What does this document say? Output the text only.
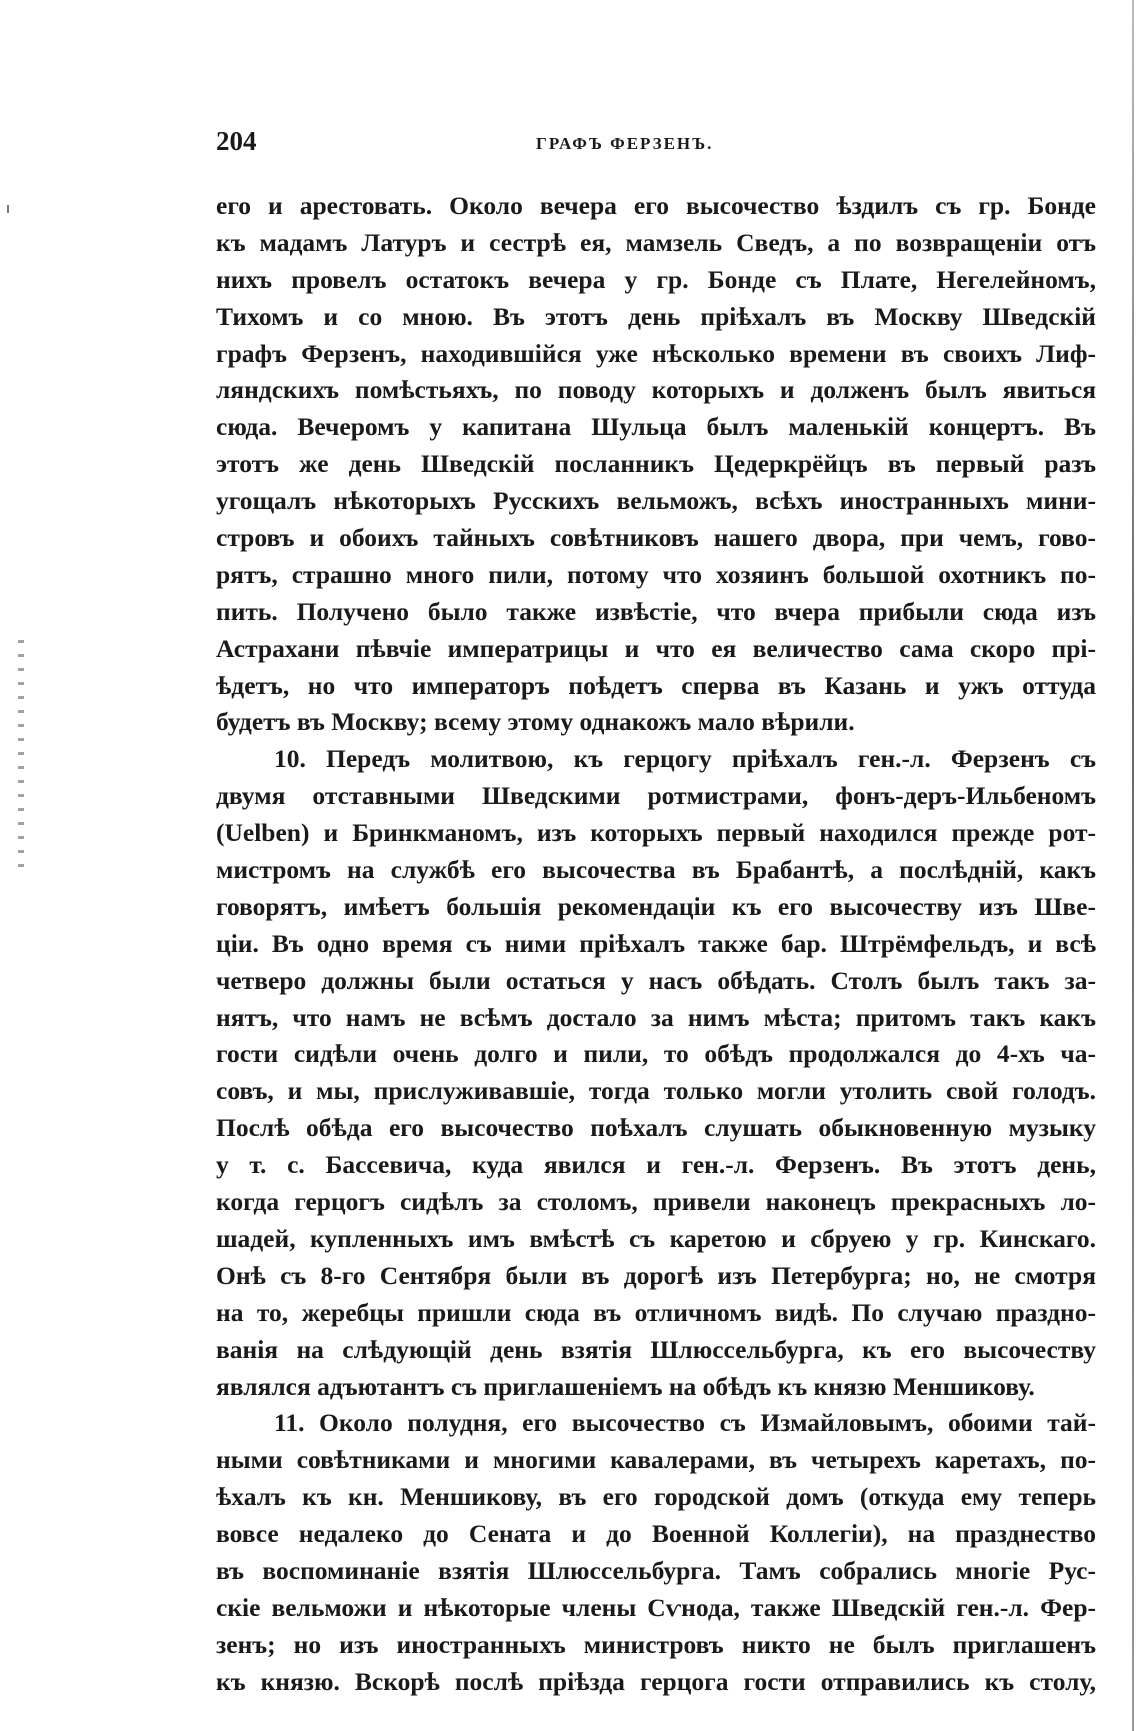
204	ГРАФЪ ФЕРЗЕНЪ.
его и арестовать. Около вечера его высочество ѣздилъ съ гр. Бонде
къ мадамъ Латуръ и сестрѣ ея, мамзель Сведъ, а по возвращеніи отъ
нихъ провелъ остатокъ вечера у гр. Бонде съ Плате, Негелейномъ,
Тихомъ и со мною. Въ этотъ день пріѣхалъ въ Москву Шведскій
графъ Ферзенъ, находившійся уже нѣсколько времени въ своихъ Лиф-
ляндскихъ помѣстьяхъ, по поводу которыхъ и долженъ былъ явиться
сюда. Вечеромъ у капитана Шульца былъ маленькій концертъ. Въ
этотъ же день Шведскій посланникъ Цедеркрёйцъ въ первый разъ
угощалъ нѣкоторыхъ Русскихъ вельможъ, всѣхъ иностранныхъ мини-
стровъ и обоихъ тайныхъ совѣтниковъ нашего двора, при чемъ, гово-
рятъ, страшно много пили, потому что хозяинъ большой охотникъ по-
пить. Получено было также извѣстіе, что вчера прибыли сюда изъ
Астрахани пѣвчіе императрицы и что ея величество сама скоро прі-
ѣдетъ, но что императоръ поѣдетъ сперва въ Казань и ужъ оттуда
будетъ въ Москву; всему этому однакожъ мало вѣрили.
10. Передъ молитвою, къ герцогу пріѣхалъ ген.-л. Ферзенъ съ
двумя отставными Шведскими ротмистрами, фонъ-деръ-Ильбеномъ
(Uelben) и Бринкманомъ, изъ которыхъ первый находился прежде рот-
мистромъ на службѣ его высочества въ Брабантѣ, а послѣдній, какъ
говорятъ, имѣетъ большія рекомендаціи къ его высочеству изъ Шве-
ціи. Въ одно время съ ними пріѣхалъ также бар. Штрёмфельдъ, и всѣ
четверо должны были остаться у насъ обѣдать. Столъ былъ такъ за-
нятъ, что намъ не всѣмъ достало за нимъ мѣста; притомъ такъ какъ
гости сидѣли очень долго и пили, то обѣдъ продолжался до 4-хъ ча-
совъ, и мы, прислуживавшіе, тогда только могли утолить свой голодъ.
Послѣ обѣда его высочество поѣхалъ слушать обыкновенную музыку
у т. с. Бассевича, куда явился и ген.-л. Ферзенъ. Въ этотъ день,
когда герцогъ сидѣлъ за столомъ, привели наконецъ прекрасныхъ ло-
шадей, купленныхъ имъ вмѣстѣ съ каретою и сбруею у гр. Кинскаго.
Онѣ съ 8-го Сентября были въ дорогѣ изъ Петербурга; но, не смотря
на то, жеребцы пришли сюда въ отличномъ видѣ. По случаю праздно-
ванія на слѣдующій день взятія Шлюссельбурга, къ его высочеству
являлся адъютантъ съ приглашеніемъ на обѣдъ къ князю Меншикову.
11. Около полудня, его высочество съ Измайловымъ, обоими тай-
ными совѣтниками и многими кавалерами, въ четырехъ каретахъ, по-
ѣхалъ къ кн. Меншикову, въ его городской домъ (откуда ему теперь
вовсе недалеко до Сената и до Военной Коллегіи), на празднество
въ воспоминаніе взятія Шлюссельбурга. Тамъ собрались многіе Рус-
скіе вельможи и нѣкоторые члены Сѵнода, также Шведскій ген.-л. Фер-
зенъ; но изъ иностранныхъ министровъ никто не былъ приглашенъ
къ князю. Вскорѣ послѣ пріѣзда герцога гости отправились къ столу,
